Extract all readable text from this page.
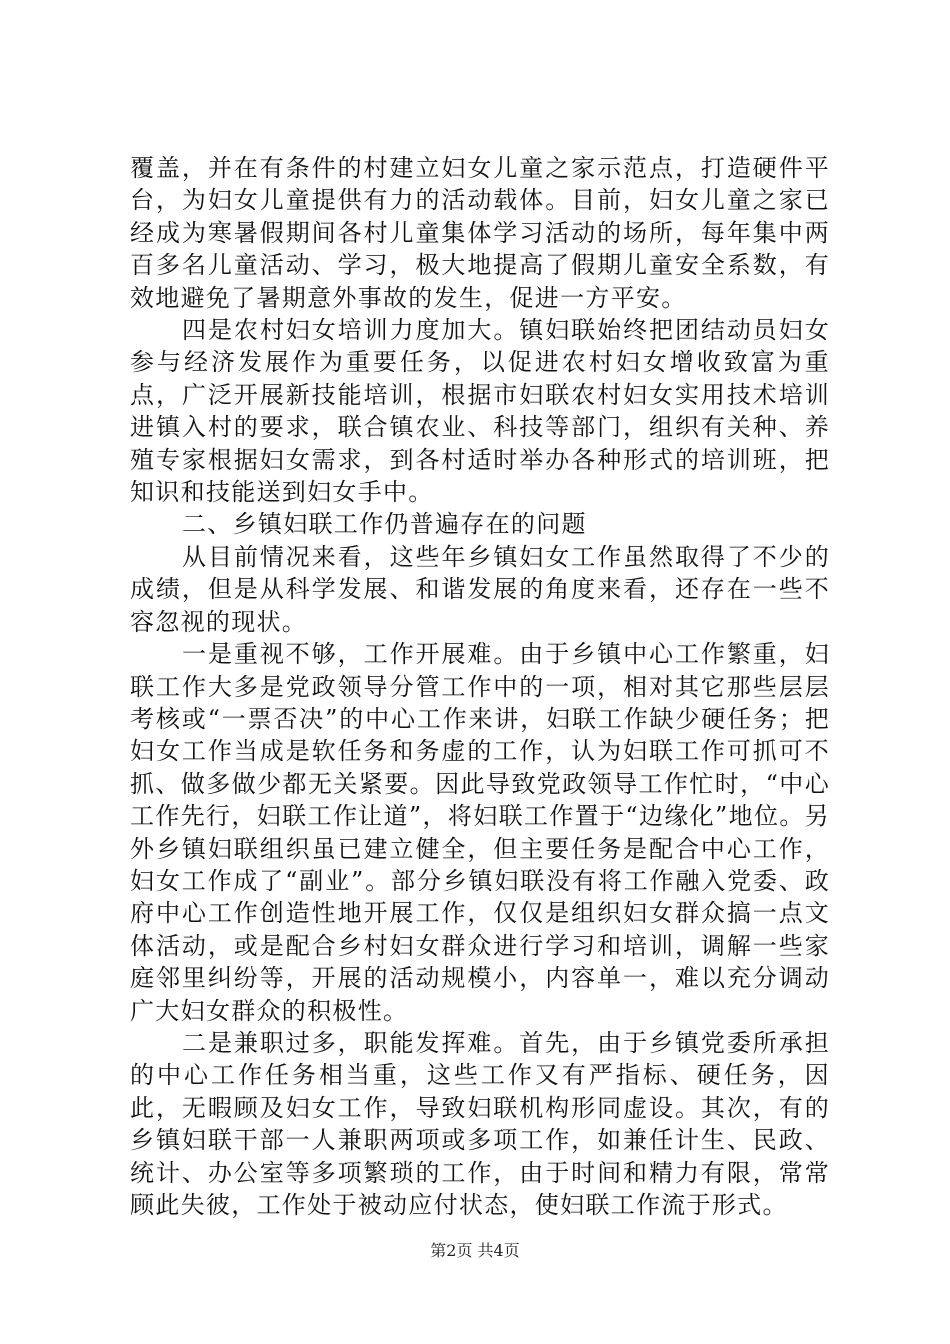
覆盖，并在有条件的村建立妇女儿童之家示范点，打造硬件平台，为妇女儿童提供有力的活动载体。目前，妇女儿童之家已经成为寒暑假期间各村儿童集体学习活动的场所，每年集中两百多名儿童活动、学习，极大地提高了假期儿童安全系数，有效地避免了暑期意外事故的发生，促进一方平安。

四是农村妇女培训力度加大。镇妇联始终把团结动员妇女参与经济发展作为重要任务，以促进农村妇女增收致富为重点，广泛开展新技能培训，根据市妇联农村妇女实用技术培训进镇入村的要求，联合镇农业、科技等部门，组织有关种、养殖专家根据妇女需求，到各村适时举办各种形式的培训班，把知识和技能送到妇女手中。

二、乡镇妇联工作仍普遍存在的问题

从目前情况来看，这些年乡镇妇女工作虽然取得了不少的成绩，但是从科学发展、和谐发展的角度来看，还存在一些不容忽视的现状。

一是重视不够，工作开展难。由于乡镇中心工作繁重，妇联工作大多是党政领导分管工作中的一项，相对其它那些层层考核或“一票否决”的中心工作来讲，妇联工作缺少硬任务；把妇女工作当成是软任务和务虚的工作，认为妇联工作可抓可不抓、做多做少都无关紧要。因此导致党政领导工作忙时，“中心工作先行，妇联工作让道”，将妇联工作置于“边缘化”地位。另外乡镇妇联组织虽已建立健全，但主要任务是配合中心工作，妇女工作成了“副业”。部分乡镇妇联没有将工作融入党委、政府中心工作创造性地开展工作，仅仅是组织妇女群众搞一点文体活动，或是配合乡村妇女群众进行学习和培训，调解一些家庭邻里纠纷等，开展的活动规模小，内容单一，难以充分调动广大妇女群众的积极性。

二是兼职过多，职能发挥难。首先，由于乡镇党委所承担的中心工作任务相当重，这些工作又有严指标、硬任务，因此，无暇顾及妇女工作，导致妇联机构形同虚设。其次，有的乡镇妇联干部一人兼职两项或多项工作，如兼任计生、民政、统计、办公室等多项繁琐的工作，由于时间和精力有限，常常顾此失彼，工作处于被动应付状态，使妇联工作流于形式。

第2页 共4页
